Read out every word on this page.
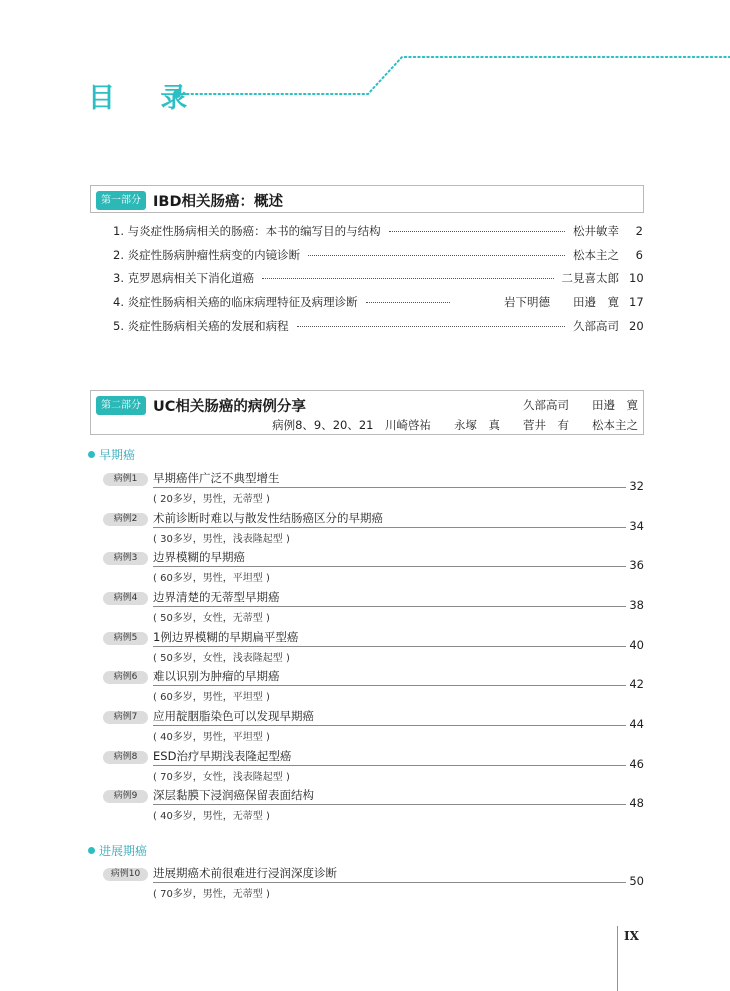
目 录
第一部分 IBD相关肠癌：概述
1. 与炎症性肠病相关的肠癌：本书的编写目的与结构	松井敏幸	2
2. 炎症性肠病肿瘤性病变的内镜诊断	松本主之	6
3. 克罗恩病相关下消化道癌	二見喜太郎 10
4. 炎症性肠病相关癌的临床病理特征及病理诊断	岩下明德　　田邉　寛 17
5. 炎症性肠病相关癌的发展和病程	久部高司 20
第二部分 UC相关肠癌的病例分享	久部高司　　田邉　寛
病例8、9、20、21　川崎啓祐　　永塚　真　　菅井　有　　松本主之
早期癌
病例1	早期癌伴广泛不典型增生
( 20多岁，男性，无蒂型 )
32
病例2	术前诊断时难以与散发性结肠癌区分的早期癌
( 30多岁，男性，浅表隆起型 )
34
病例3	边界模糊的早期癌
( 60多岁，男性，平坦型 )
36
病例4	边界清楚的无蒂型早期癌
( 50多岁，女性，无蒂型 )
38
病例5	1例边界模糊的早期扁平型癌
( 50多岁，女性，浅表隆起型 )
40
病例6	难以识别为肿瘤的早期癌
( 60多岁，男性，平坦型 )
42
病例7	应用靛胭脂染色可以发现早期癌
( 40多岁，男性，平坦型 )
44
病例8	ESD治疗早期浅表隆起型癌
( 70多岁，女性，浅表隆起型 )
46
病例9	深层黏膜下浸润癌保留表面结构
( 40多岁，男性，无蒂型 )
48
进展期癌
病例10	进展期癌术前很难进行浸润深度诊断
( 70多岁，男性，无蒂型 )
50
IX
